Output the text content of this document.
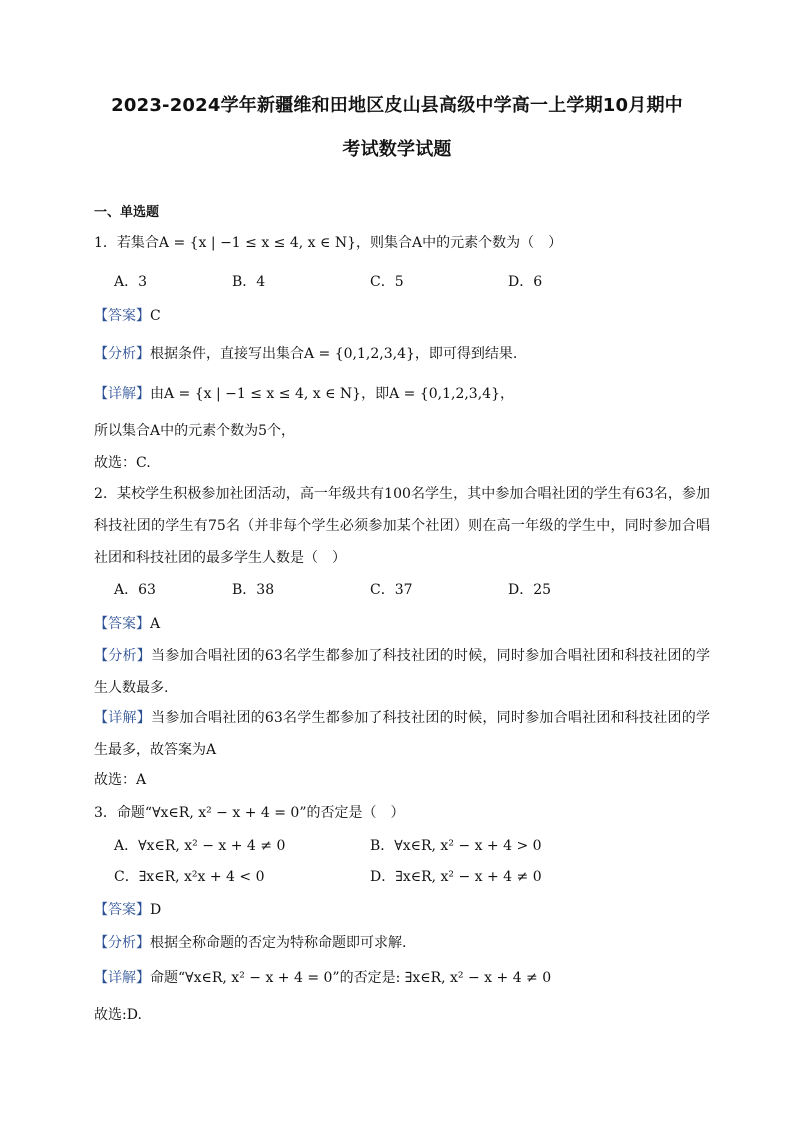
2023-2024学年新疆维和田地区皮山县高级中学高一上学期10月期中
考试数学试题
一、单选题
1．若集合A = {x | −1 ≤ x ≤ 4, x ∈ N}，则集合A中的元素个数为（　）
A．3	B．4	C．5	D．6
【答案】C
【分析】根据条件，直接写出集合A = {0,1,2,3,4}，即可得到结果.
【详解】由A = {x | −1 ≤ x ≤ 4, x ∈ N}，即A = {0,1,2,3,4}，
所以集合A中的元素个数为5个，
故选：C.
2．某校学生积极参加社团活动，高一年级共有100名学生，其中参加合唱社团的学生有63名，参加科技社团的学生有75名（并非每个学生必须参加某个社团）则在高一年级的学生中，同时参加合唱社团和科技社团的最多学生人数是（　）
A．63	B．38	C．37	D．25
【答案】A
【分析】当参加合唱社团的63名学生都参加了科技社团的时候，同时参加合唱社团和科技社团的学生人数最多.
【详解】当参加合唱社团的63名学生都参加了科技社团的时候，同时参加合唱社团和科技社团的学生最多，故答案为A
故选：A
3．命题“∀x∈R, x² − x + 4 = 0”的否定是（　）
A．∀x∈R, x² − x + 4 ≠ 0	B．∀x∈R, x² − x + 4 > 0
C．∃x∈R, x²x + 4 < 0	D．∃x∈R, x² − x + 4 ≠ 0
【答案】D
【分析】根据全称命题的否定为特称命题即可求解.
【详解】命题“∀x∈R, x² − x + 4 = 0”的否定是: ∃x∈R, x² − x + 4 ≠ 0
故选:D.
